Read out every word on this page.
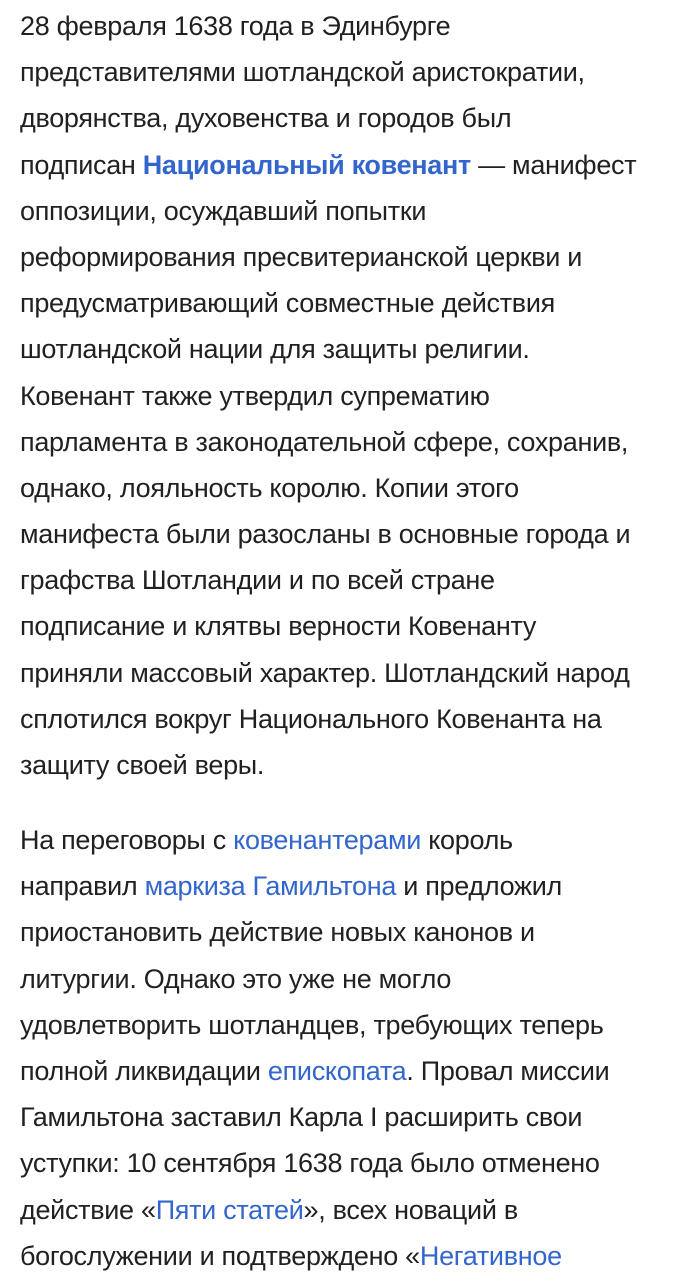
28 февраля 1638 года в Эдинбурге
представителями шотландской аристократии,
дворянства, духовенства и городов был
подписан Национальный ковенант — манифест
оппозиции, осуждавший попытки
реформирования пресвитерианской церкви и
предусматривающий совместные действия
шотландской нации для защиты религии.
Ковенант также утвердил супрематию
парламента в законодательной сфере, сохранив,
однако, лояльность королю. Копии этого
манифеста были разосланы в основные города и
графства Шотландии и по всей стране
подписание и клятвы верности Ковенанту
приняли массовый характер. Шотландский народ
сплотился вокруг Национального Ковенанта на
защиту своей веры.
На переговоры с ковенантерами король
направил маркиза Гамильтона и предложил
приостановить действие новых канонов и
литургии. Однако это уже не могло
удовлетворить шотландцев, требующих теперь
полной ликвидации епископата. Провал миссии
Гамильтона заставил Карла I расширить свои
уступки: 10 сентября 1638 года было отменено
действие «Пяти статей», всех новаций в
богослужении и подтверждено «Негативное
